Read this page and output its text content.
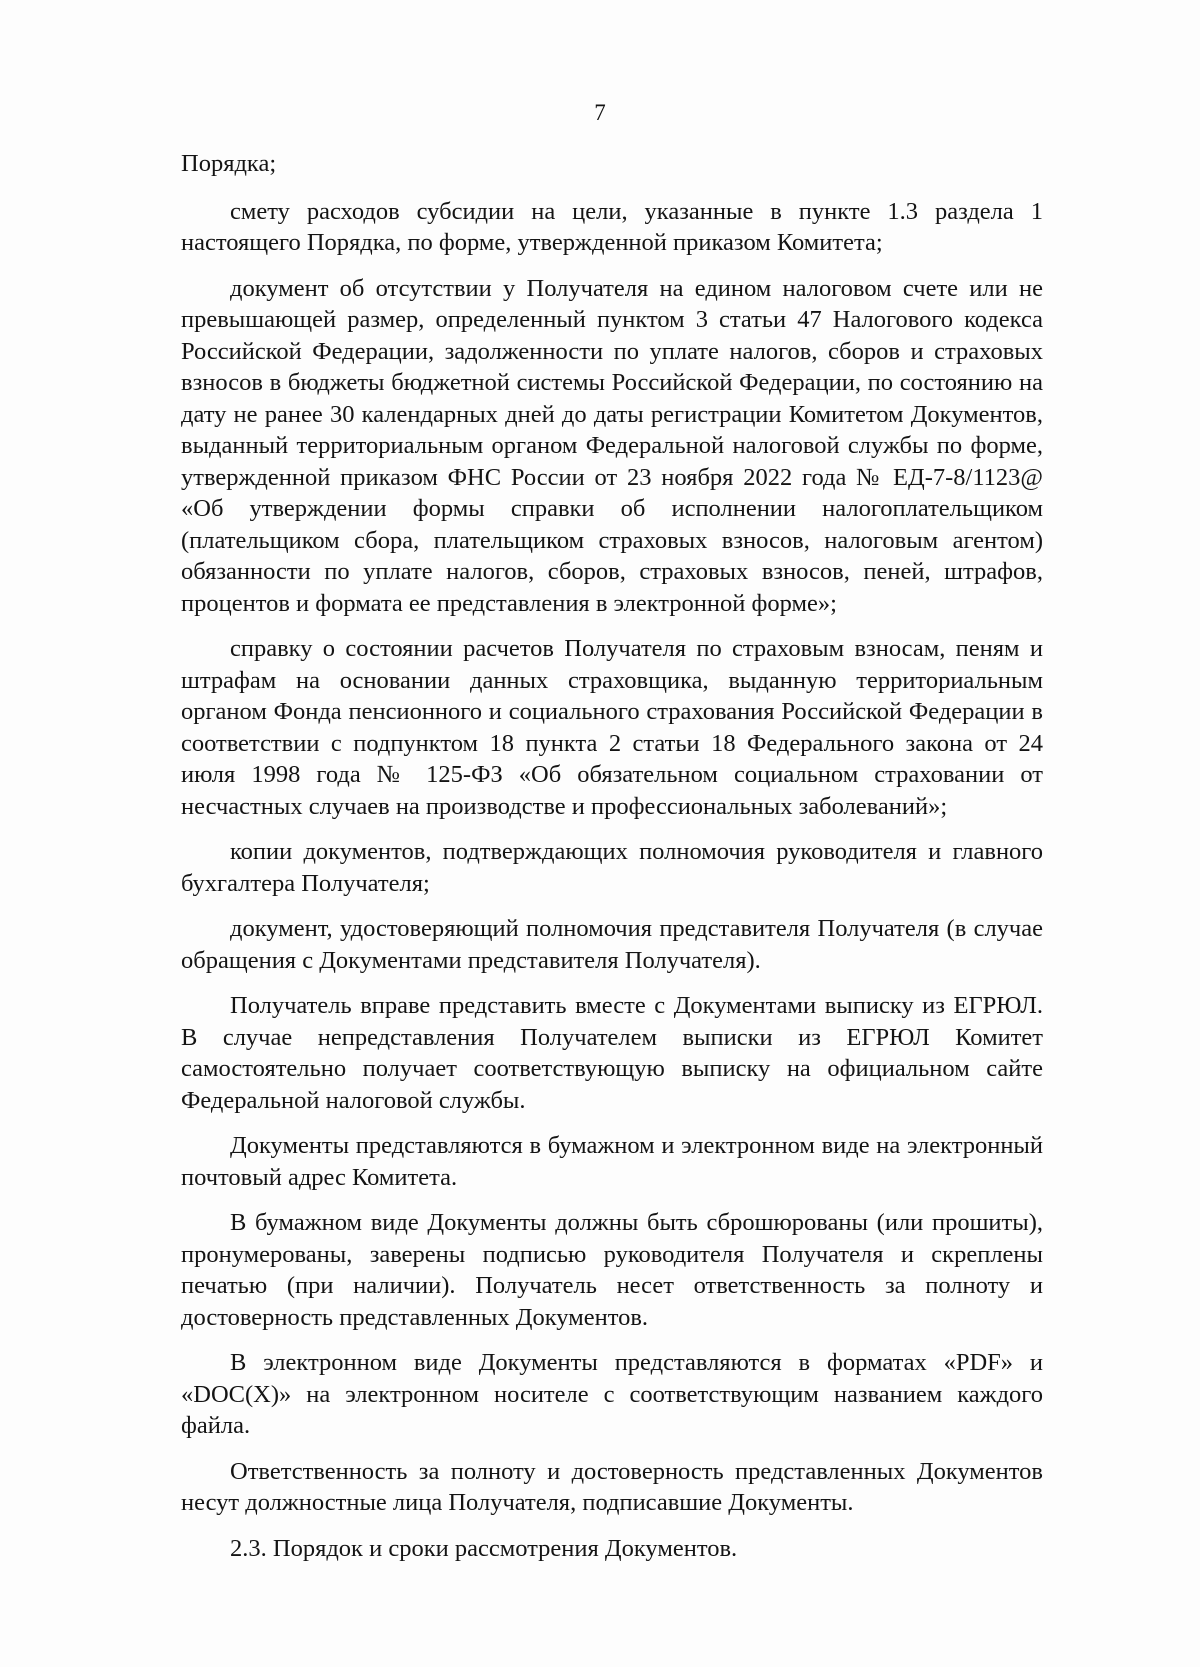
7

Порядка;

смету расходов субсидии на цели, указанные в пункте 1.3 раздела 1 настоящего Порядка, по форме, утвержденной приказом Комитета;

документ об отсутствии у Получателя на едином налоговом счете или не превышающей размер, определенный пунктом 3 статьи 47 Налогового кодекса Российской Федерации, задолженности по уплате налогов, сборов и страховых взносов в бюджеты бюджетной системы Российской Федерации, по состоянию на дату не ранее 30 календарных дней до даты регистрации Комитетом Документов, выданный территориальным органом Федеральной налоговой службы по форме, утвержденной приказом ФНС России от 23 ноября 2022 года № ЕД-7-8/1123@ «Об утверждении формы справки об исполнении налогоплательщиком (плательщиком сбора, плательщиком страховых взносов, налоговым агентом) обязанности по уплате налогов, сборов, страховых взносов, пеней, штрафов, процентов и формата ее представления в электронной форме»;

справку о состоянии расчетов Получателя по страховым взносам, пеням и штрафам на основании данных страховщика, выданную территориальным органом Фонда пенсионного и социального страхования Российской Федерации в соответствии с подпунктом 18 пункта 2 статьи 18 Федерального закона от 24 июля 1998 года № 125-ФЗ «Об обязательном социальном страховании от несчастных случаев на производстве и профессиональных заболеваний»;

копии документов, подтверждающих полномочия руководителя и главного бухгалтера Получателя;

документ, удостоверяющий полномочия представителя Получателя (в случае обращения с Документами представителя Получателя).

Получатель вправе представить вместе с Документами выписку из ЕГРЮЛ. В случае непредставления Получателем выписки из ЕГРЮЛ Комитет самостоятельно получает соответствующую выписку на официальном сайте Федеральной налоговой службы.

Документы представляются в бумажном и электронном виде на электронный почтовый адрес Комитета.

В бумажном виде Документы должны быть сброшюрованы (или прошиты), пронумерованы, заверены подписью руководителя Получателя и скреплены печатью (при наличии). Получатель несет ответственность за полноту и достоверность представленных Документов.

В электронном виде Документы представляются в форматах «PDF» и «DOC(X)» на электронном носителе с соответствующим названием каждого файла.

Ответственность за полноту и достоверность представленных Документов несут должностные лица Получателя, подписавшие Документы.

2.3. Порядок и сроки рассмотрения Документов.
